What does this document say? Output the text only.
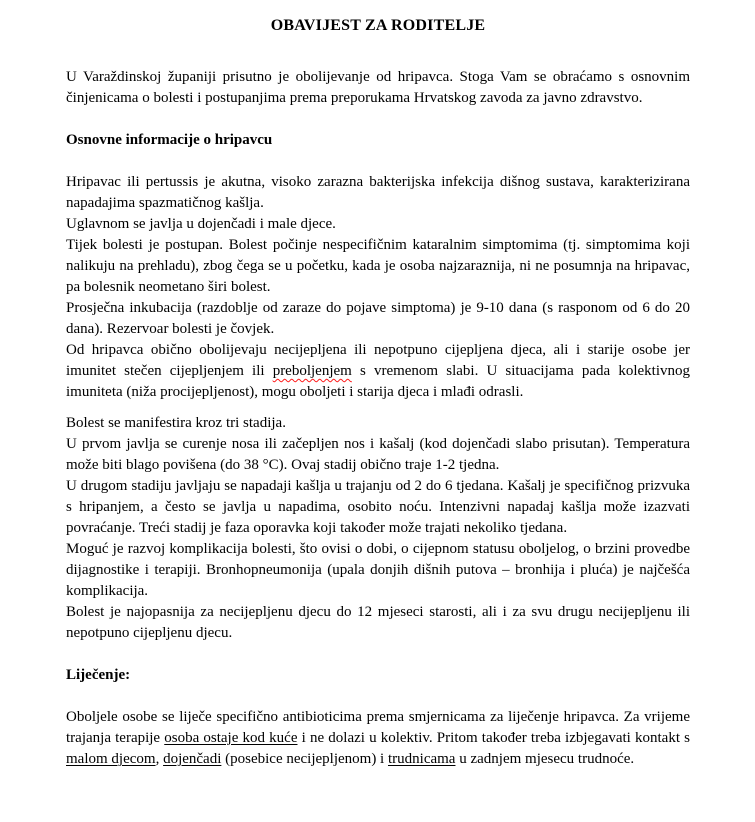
OBAVIJEST ZA RODITELJE

U Varaždinskoj županiji prisutno je obolijevanje od hripavca. Stoga Vam se obraćamo s osnovnim činjenicama o bolesti i postupanjima prema preporukama Hrvatskog zavoda za javno zdravstvo.

Osnovne informacije o hripavcu

Hripavac ili pertussis je akutna, visoko zarazna bakterijska infekcija dišnog sustava, karakterizirana napadajima spazmatičnog kašlja.

Uglavnom se javlja u dojenčadi i male djece.

Tijek bolesti je postupan. Bolest počinje nespecifičnim kataralnim simptomima (tj. simptomima koji nalikuju na prehladu), zbog čega se u početku, kada je osoba najzaraznija, ni ne posumnja na hripavac, pa bolesnik neometano širi bolest.

Prosječna inkubacija (razdoblje od zaraze do pojave simptoma) je 9-10 dana (s rasponom od 6 do 20 dana). Rezervoar bolesti je čovjek.

Od hripavca obično obolijevaju necijepljena ili nepotpuno cijepljena djeca, ali i starije osobe jer imunitet stečen cijepljenjem ili preboljenjem s vremenom slabi. U situacijama pada kolektivnog imuniteta (niža procijepljenost), mogu oboljeti i starija djeca i mlađi odrasli.

Bolest se manifestira kroz tri stadija.

U prvom javlja se curenje nosa ili začepljen nos i kašalj (kod dojenčadi slabo prisutan). Temperatura može biti blago povišena (do 38 °C). Ovaj stadij obično traje 1-2 tjedna.

U drugom stadiju javljaju se napadaji kašlja u trajanju od 2 do 6 tjedana. Kašalj je specifičnog prizvuka s hripanjem, a često se javlja u napadima, osobito noću. Intenzivni napadaj kašlja može izazvati povraćanje. Treći stadij je faza oporavka koji također može trajati nekoliko tjedana.

Moguć je razvoj komplikacija bolesti, što ovisi o dobi, o cijepnom statusu oboljelog, o brzini provedbe dijagnostike i terapiji. Bronhopneumonija (upala donjih dišnih putova – bronhija i pluća) je najčešća komplikacija.

Bolest je najopasnija za necijepljenu djecu do 12 mjeseci starosti, ali i za svu drugu necijepljenu ili nepotpuno cijepljenu djecu.

Liječenje:

Oboljele osobe se liječe specifično antibioticima prema smjernicama za liječenje hripavca. Za vrijeme trajanja terapije osoba ostaje kod kuće i ne dolazi u kolektiv. Pritom također treba izbjegavati kontakt s malom djecom, dojenčadi (posebice necijepljenom) i trudnicama u zadnjem mjesecu trudnoće.
